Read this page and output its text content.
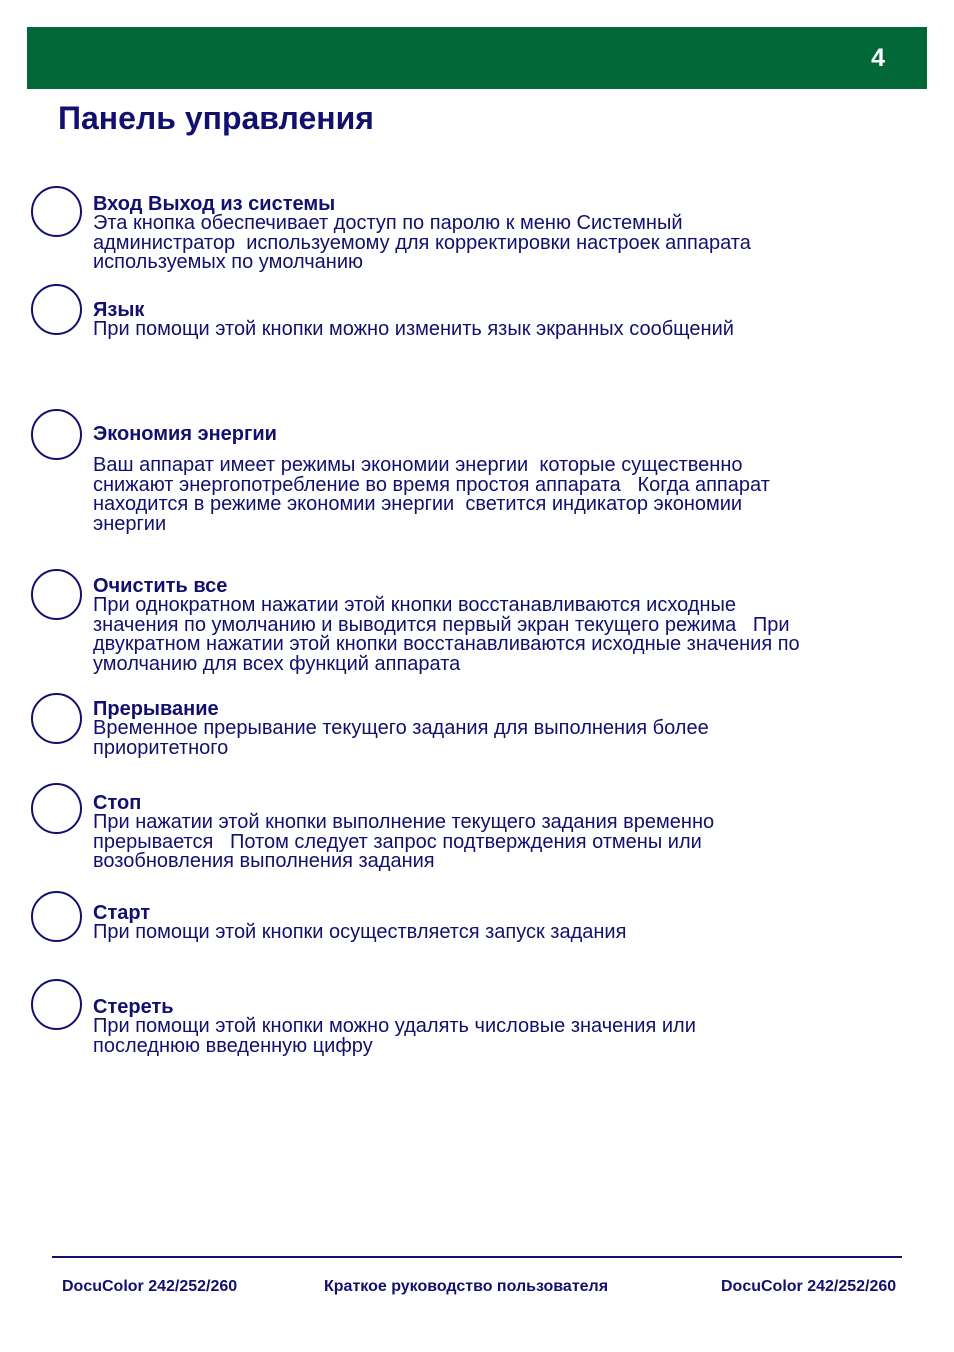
4
Панель управления
Вход Выход из системы

Эта кнопка обеспечивает доступ по паролю к меню Системный
администратор  используемому для корректировки настроек аппарата
используемых по умолчанию

Язык

При помощи этой кнопки можно изменить язык экранных сообщений

Экономия энергии

Ваш аппарат имеет режимы экономии энергии  которые существенно
снижают энергопотребление во время простоя аппарата   Когда аппарат
находится в режиме экономии энергии  светится индикатор экономии
энергии

Очистить все

При однократном нажатии этой кнопки восстанавливаются исходные
значения по умолчанию и выводится первый экран текущего режима   При
двукратном нажатии этой кнопки восстанавливаются исходные значения по
умолчанию для всех функций аппарата

Прерывание

Временное прерывание текущего задания для выполнения более
приоритетного

Стоп

При нажатии этой кнопки выполнение текущего задания временно
прерывается   Потом следует запрос подтверждения отмены или
возобновления выполнения задания

Старт

При помощи этой кнопки осуществляется запуск задания

Стереть

При помощи этой кнопки можно удалять числовые значения или
последнюю введенную цифру

DocuColor 242/252/260	Краткое руководство пользователя	DocuColor 242/252/260
